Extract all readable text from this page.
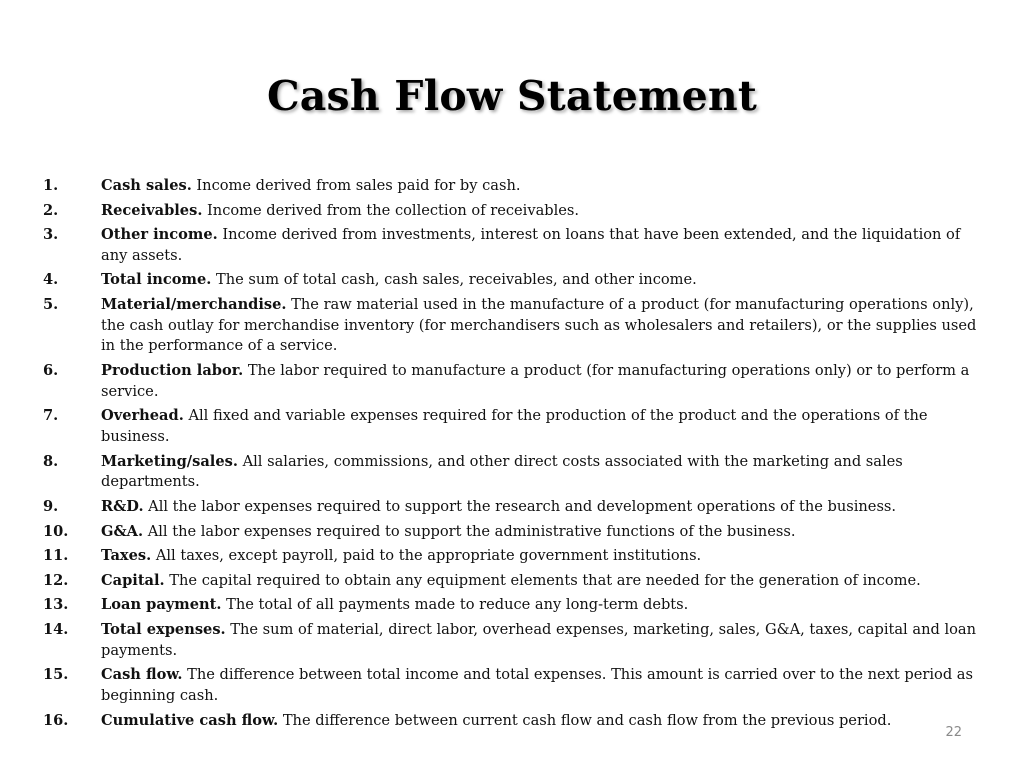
Cash Flow Statement
1.	Cash sales. Income derived from sales paid for by cash.
2.	Receivables. Income derived from the collection of receivables.
3.	Other income. Income derived from investments, interest on loans that have been extended, and the liquidation of any assets.
4.	Total income. The sum of total cash, cash sales, receivables, and other income.
5.	Material/merchandise. The raw material used in the manufacture of a product (for manufacturing operations only), the cash outlay for merchandise inventory (for merchandisers such as wholesalers and retailers), or the supplies used in the performance of a service.
6.	Production labor. The labor required to manufacture a product (for manufacturing operations only) or to perform a service.
7.	Overhead. All fixed and variable expenses required for the production of the product and the operations of the business.
8.	Marketing/sales. All salaries, commissions, and other direct costs associated with the marketing and sales departments.
9.	R&D. All the labor expenses required to support the research and development operations of the business.
10.	G&A. All the labor expenses required to support the administrative functions of the business.
11.	Taxes. All taxes, except payroll, paid to the appropriate government institutions.
12.	Capital. The capital required to obtain any equipment elements that are needed for the generation of income.
13.	Loan payment. The total of all payments made to reduce any long-term debts.
14.	Total expenses. The sum of material, direct labor, overhead expenses, marketing, sales, G&A, taxes, capital and loan payments.
15.	Cash flow. The difference between total income and total expenses. This amount is carried over to the next period as beginning cash.
16.	Cumulative cash flow. The difference between current cash flow and cash flow from the previous period.
22
